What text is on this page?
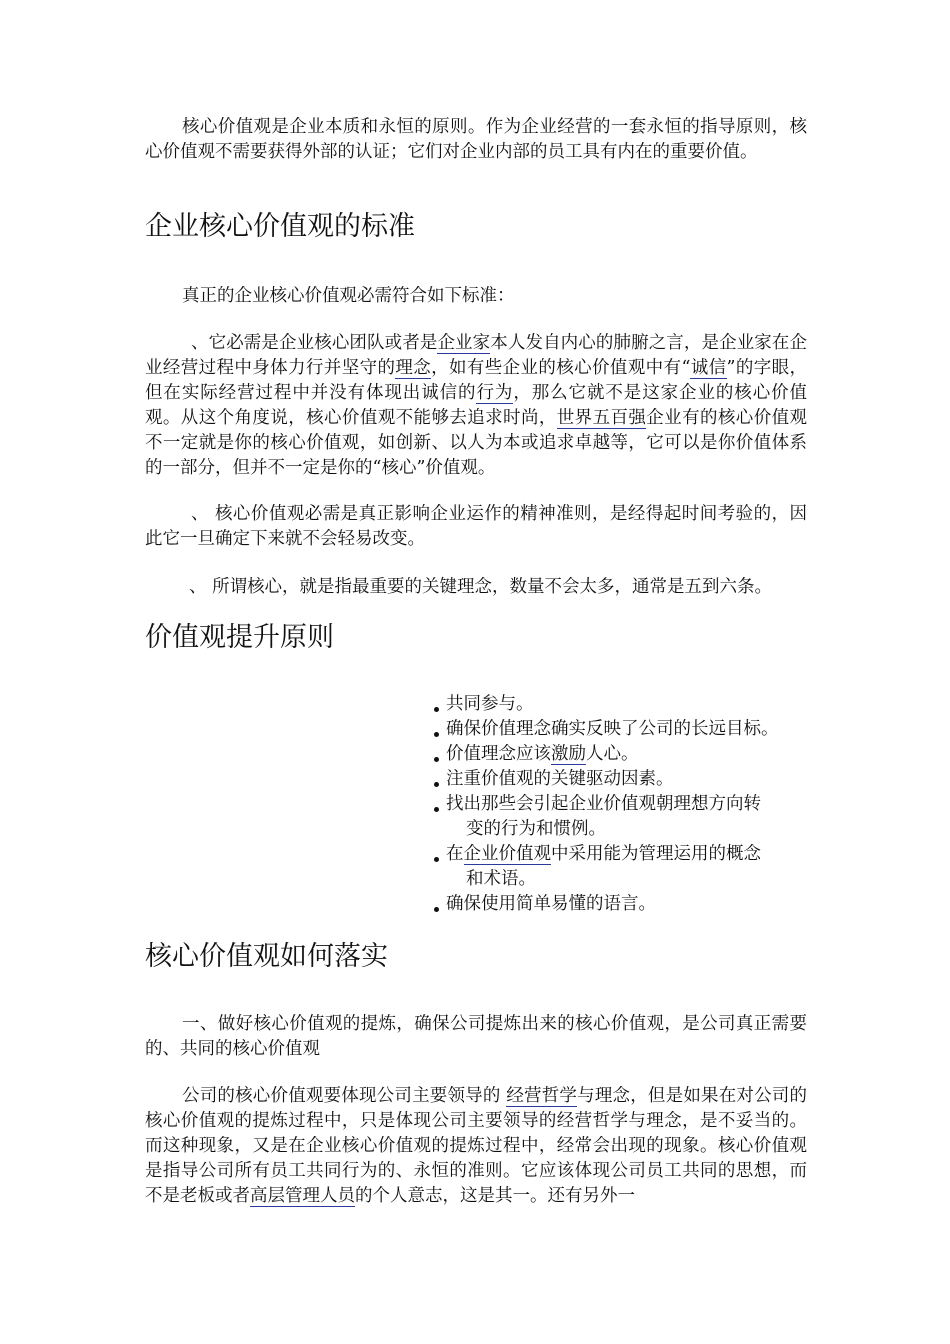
核心价值观是企业本质和永恒的原则。作为企业经营的一套永恒的指导原则，核心价值观不需要获得外部的认证；它们对企业内部的员工具有内在的重要价值。

企业核心价值观的标准

真正的企业核心价值观必需符合如下标准：

、它必需是企业核心团队或者是企业家本人发自内心的肺腑之言，是企业家在企业经营过程中身体力行并坚守的理念，如有些企业的核心价值观中有“诚信”的字眼，但在实际经营过程中并没有体现出诚信的行为，那么它就不是这家企业的核心价值观。从这个角度说，核心价值观不能够去追求时尚，世界五百强企业有的核心价值观不一定就是你的核心价值观，如创新、以人为本或追求卓越等，它可以是你价值体系的一部分，但并不一定是你的“核心”价值观。

、 核心价值观必需是真正影响企业运作的精神准则，是经得起时间考验的，因此它一旦确定下来就不会轻易改变。

、 所谓核心，就是指最重要的关键理念，数量不会太多，通常是五到六条。

价值观提升原则
共同参与。
确保价值理念确实反映了公司的长远目标。
价值理念应该激励人心。
注重价值观的关键驱动因素。
找出那些会引起企业价值观朝理想方向转
变的行为和惯例。
在企业价值观中采用能为管理运用的概念
和术语。
确保使用简单易懂的语言。
核心价值观如何落实

一、做好核心价值观的提炼，确保公司提炼出来的核心价值观，是公司真正需要的、共同的核心价值观

公司的核心价值观要体现公司主要领导的 经营哲学与理念，但是如果在对公司的核心价值观的提炼过程中，只是体现公司主要领导的经营哲学与理念，是不妥当的。而这种现象，又是在企业核心价值观的提炼过程中，经常会出现的现象。核心价值观是指导公司所有员工共同行为的、永恒的准则。它应该体现公司员工共同的思想，而不是老板或者高层管理人员的个人意志，这是其一。还有另外一
